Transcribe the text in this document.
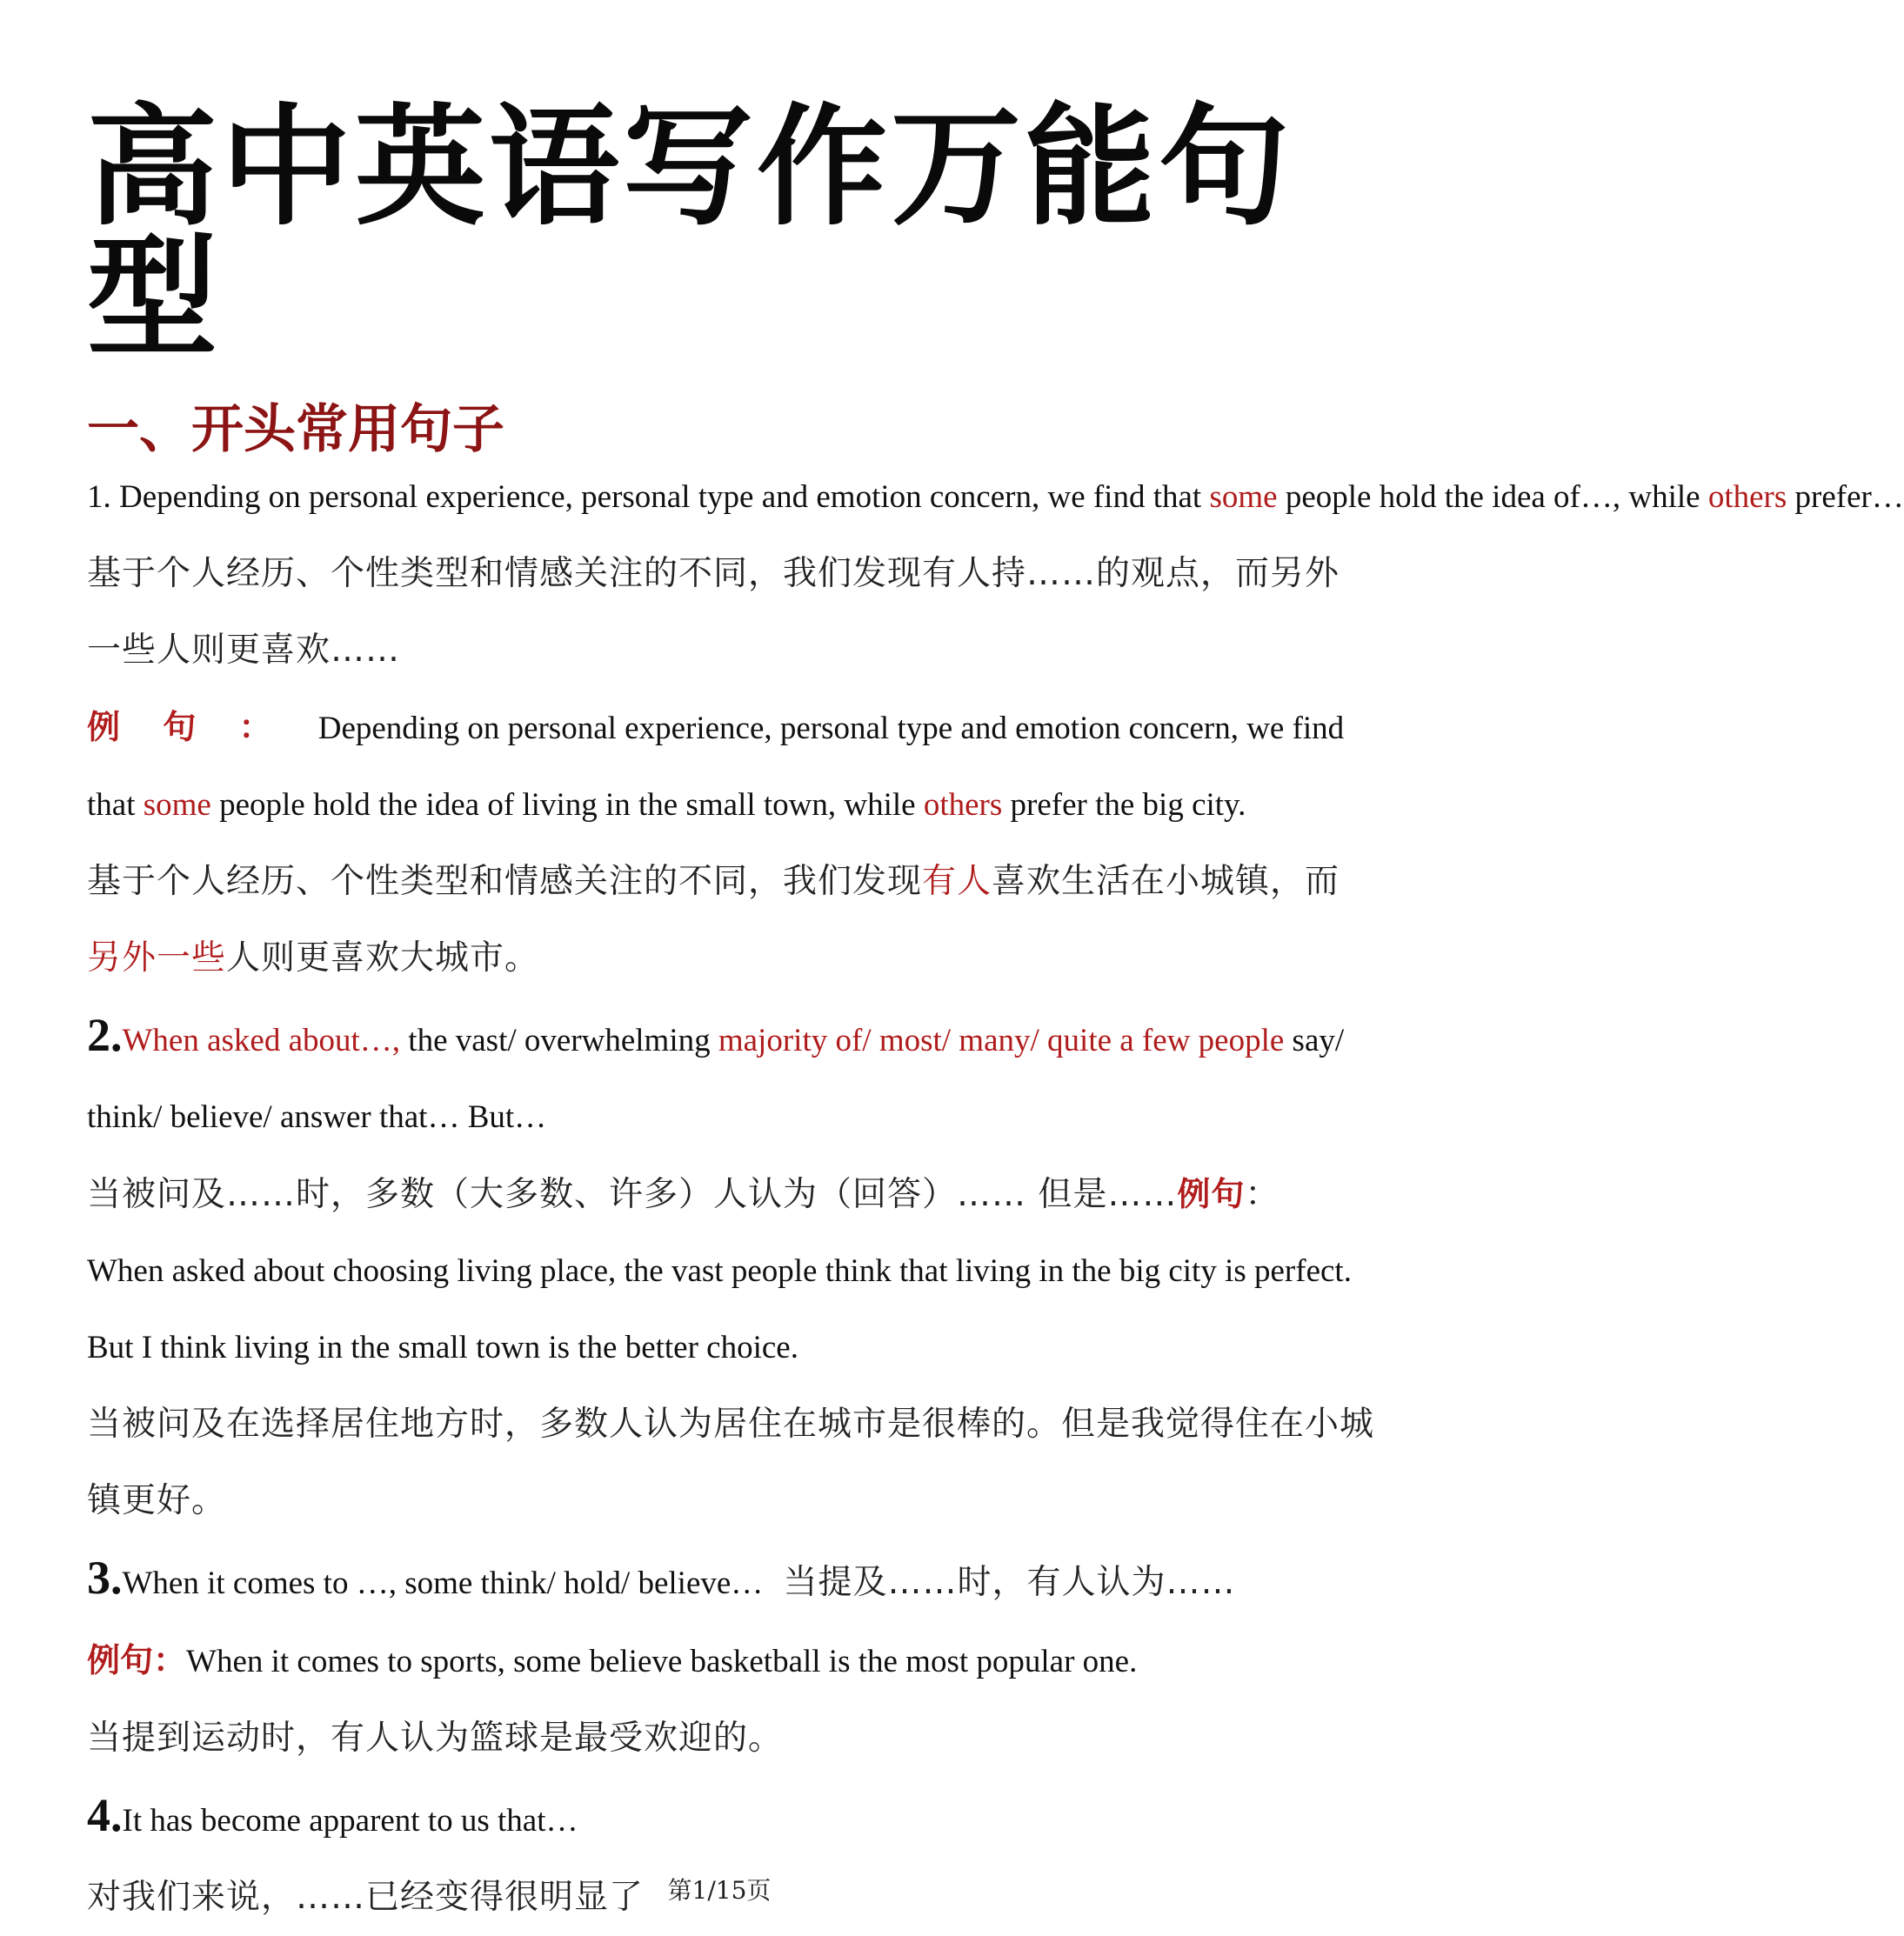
高中英语写作万能句型
一、开头常用句子
1. Depending on personal experience, personal type and emotion concern, we find that some people hold the idea of…, while others prefer…
基于个人经历、个性类型和情感关注的不同，我们发现有人持……的观点，而另外一些人则更喜欢……
例 句 ： Depending on personal experience, personal type and emotion concern, we find that some people hold the idea of living in the small town, while others prefer the big city.
基于个人经历、个性类型和情感关注的不同，我们发现有人喜欢生活在小城镇，而另外一些人则更喜欢大城市。
2.When asked about…, the vast/ overwhelming majority of/ most/ many/ quite a few people say/ think/ believe/ answer that… But…
当被问及……时，多数（大多数、许多）人认为（回答）…… 但是……例句：
When asked about choosing living place, the vast people think that living in the big city is perfect. But I think living in the small town is the better choice.
当被问及在选择居住地方时，多数人认为居住在城市是很棒的。但是我觉得住在小城镇更好。
3.When it comes to …, some think/ hold/ believe… 当提及……时，有人认为……
例句：When it comes to sports, some believe basketball is the most popular one.
当提到运动时，有人认为篮球是最受欢迎的。
4.It has become apparent to us that…
对我们来说，……已经变得很明显了 第1/15页
